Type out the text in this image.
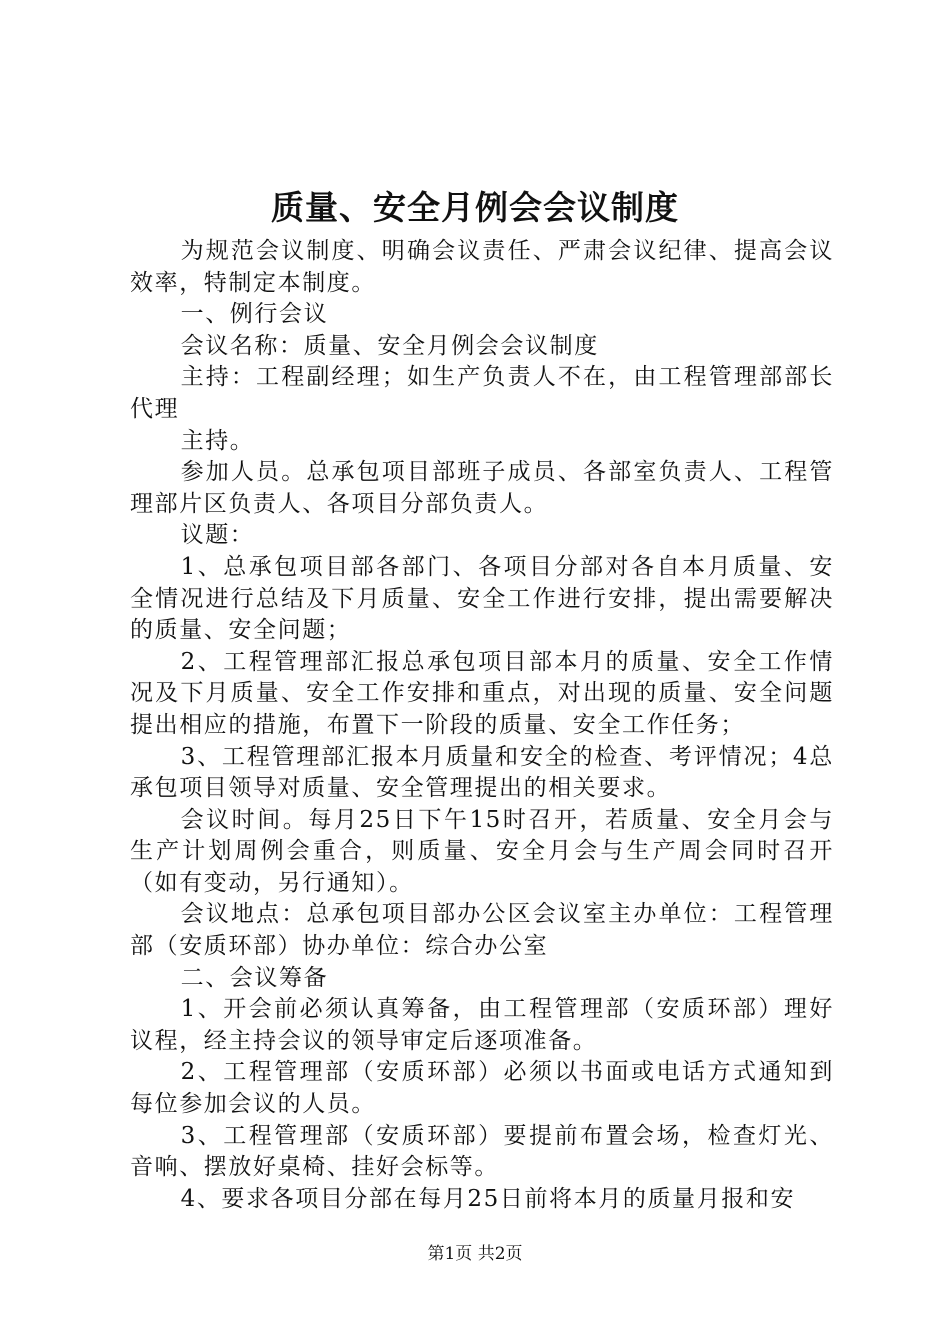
质量、安全月例会会议制度

为规范会议制度、明确会议责任、严肃会议纪律、提高会议效率，特制定本制度。

一、例行会议

会议名称：质量、安全月例会会议制度

主持：工程副经理；如生产负责人不在，由工程管理部部长代理

主持。

参加人员。总承包项目部班子成员、各部室负责人、工程管理部片区负责人、各项目分部负责人。

议题：

1、总承包项目部各部门、各项目分部对各自本月质量、安全情况进行总结及下月质量、安全工作进行安排，提出需要解决的质量、安全问题；

2、工程管理部汇报总承包项目部本月的质量、安全工作情况及下月质量、安全工作安排和重点，对出现的质量、安全问题提出相应的措施，布置下一阶段的质量、安全工作任务；

3、工程管理部汇报本月质量和安全的检查、考评情况；4总承包项目领导对质量、安全管理提出的相关要求。

会议时间。每月25日下午15时召开，若质量、安全月会与生产计划周例会重合，则质量、安全月会与生产周会同时召开（如有变动，另行通知）。

会议地点：总承包项目部办公区会议室主办单位：工程管理部（安质环部）协办单位：综合办公室

二、会议筹备

1、开会前必须认真筹备，由工程管理部（安质环部）理好议程，经主持会议的领导审定后逐项准备。

2、工程管理部（安质环部）必须以书面或电话方式通知到每位参加会议的人员。

3、工程管理部（安质环部）要提前布置会场，检查灯光、音响、摆放好桌椅、挂好会标等。

4、要求各项目分部在每月25日前将本月的质量月报和安

第1页 共2页
